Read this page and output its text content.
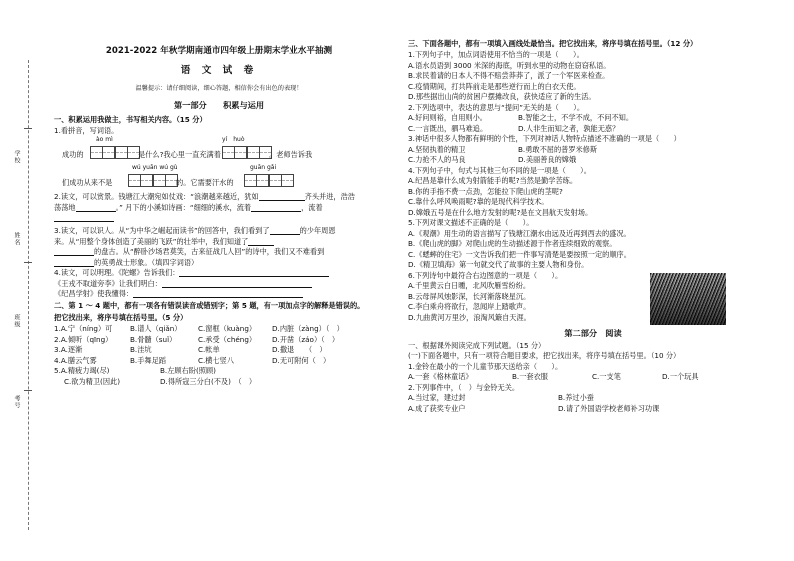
学校
姓名
班级
考号
2021-2022 年秋学期南通市四年级上册期末学业水平抽测
语 文 试 卷
温馨提示：请仔细阅读，细心答题，相信你会有出色的表现！
第一部分　　积累与运用
一、积累运用我做主，书写相关内容。（15 分）
1.看拼音，写词语。
ào mì	yí　huò
成功的	是什么?我心里一直充满着	。老师告诉我
wú yuān wú gù	guān gǎi
们成功从来不是	的。它需要汗水的
2.读文，可以赏景。钱塘江大潮宛如仗戏：“浪潮越来越近，犹如	齐头并进，浩浩
荡荡地	。” 月下的小溪如诗画：“细细的溪水，流着	，流着
3.读文，可以识人。从“为中华之崛起而读书”的回答中，我们看到了	的少年周恩
来。从“用整个身体创造了美丽的飞跃”的壮举中，我们知道了
的盘古。从“醉卧沙场君莫笑，古来征战几人回”的诗中，我们又不难看到
的英勇战士形象。（填四字词语）
4.读文，可以明理。《陀螺》告诉我们：
《王戎不取道旁李》让我们明白：
《纪昌学射》使我懂得：
二、第 1 ～ 4 题中，都有一项各有错误读音或错别字；第 5 题，有一项加点字的解释是错误的。
把它找出来，将序号填在括号里。（5 分）
1.A.宁（níng）可	B.谱人（qiǎn）	C.窗框（kuàng）	D.内脏（zàng）（　）
2.A.倾听（qīng）	B.骨髓（suǐ）	C.承受（chéng）	D.开凿（záo）（　）
3.A.逐渐	B.洼坑	C.帐单	D.撒退　　（　）
4.A.膳云气雾	B.手舞足蹈	C.横七竖八	D.无可附何（　）
5.A.精疲力竭(尽)	B.左顾右盼(照顾)
C.欲为精卫(因此)	D.得所寇三分白(不及)　（　）
三、下面各题中，都有一项填入画线处最恰当。把它找出来，将序号填在括号里。（12 分）
1.下列句子中，加点词语使用不恰当的一项是（　　）。
A.语水员语到 3000 米深的海底，听到水里的动物在窃窃私语。
B.求民着请的日本人不得不赔尝莽莽了，派了一个军医来检查。
C.疫情期间，打共阵前走是那些逆行而上的白衣天使。
D.那些据出山尚的贫困户摆摊改良，获快适应了新的生活。
2.下列选项中，表达的意思与“提问”无关的是（　　）。
A.好问则裕，自用则小。	B.智能之士，不学不成，不问不知。
C.一言既出，驷马难追。	D.人非生而知之者，孰能无惑？
3.神话中很多人物都有鲜明的个性，下列对神话人物特点描述不准确的一项是（　　）
A.坚韧执着的精卫	B.勇敢不屈的普罗米修斯
C.力抢不人的马良	D.美丽善良的嫦娥
4.下列句子中，句式与其他三句不同的是一项是（　　）。
A.纪昌是靠什么成为射箭能手的呢?当然是勤学苦练。
B.你的手指不费一点劲，怎能拉下爬山虎的茎呢?
C.靠什么呼风唤雨呢?靠的是现代科学技术。
D.嫦娥五号是在什么地方发射的呢?是在文昌航天发射场。
5.下列对课文描述不正确的是（　　）。
A.《观潮》用生动的语言描写了钱塘江潮水由远及近再到西去的盛况。
B.《爬山虎的脚》对爬山虎的生动描述源于作者连续细致的观察。
C.《蟋蟀的住宅》一文告诉我们把一件事写清楚是要按照一定的顺序。
D.《精卫填海》第一句就交代了故事的主要人物和身份。
6.下列诗句中最符合右边图意的一项是（　　）。
A.千里黄云白日曛，北风吹雁雪纷纷。
B.云母屏风烛影深，长河渐落晓星沉。
C.李白乘舟将欲行，忽闻岸上踏歌声。
D.九曲黄河万里沙，浪淘风簸自天涯。
第二部分　阅读
一、根据课外阅读完成下列试题。（15 分）
(一)下面各题中，只有一项符合题目要求，把它找出来，将序号填在括号里。（10 分）
1.金铃在最小的一个儿童节那天送给亲（　　）。
A.一套《格林童话》	B.一套衣服	C.一支笔	D.一个玩具
2.下列事件中，（　）与金铃无关。
A.当过家，建过封	B.养过小蚕
A.成了获奖专业户	D.请了外国语学校老师补习功课
